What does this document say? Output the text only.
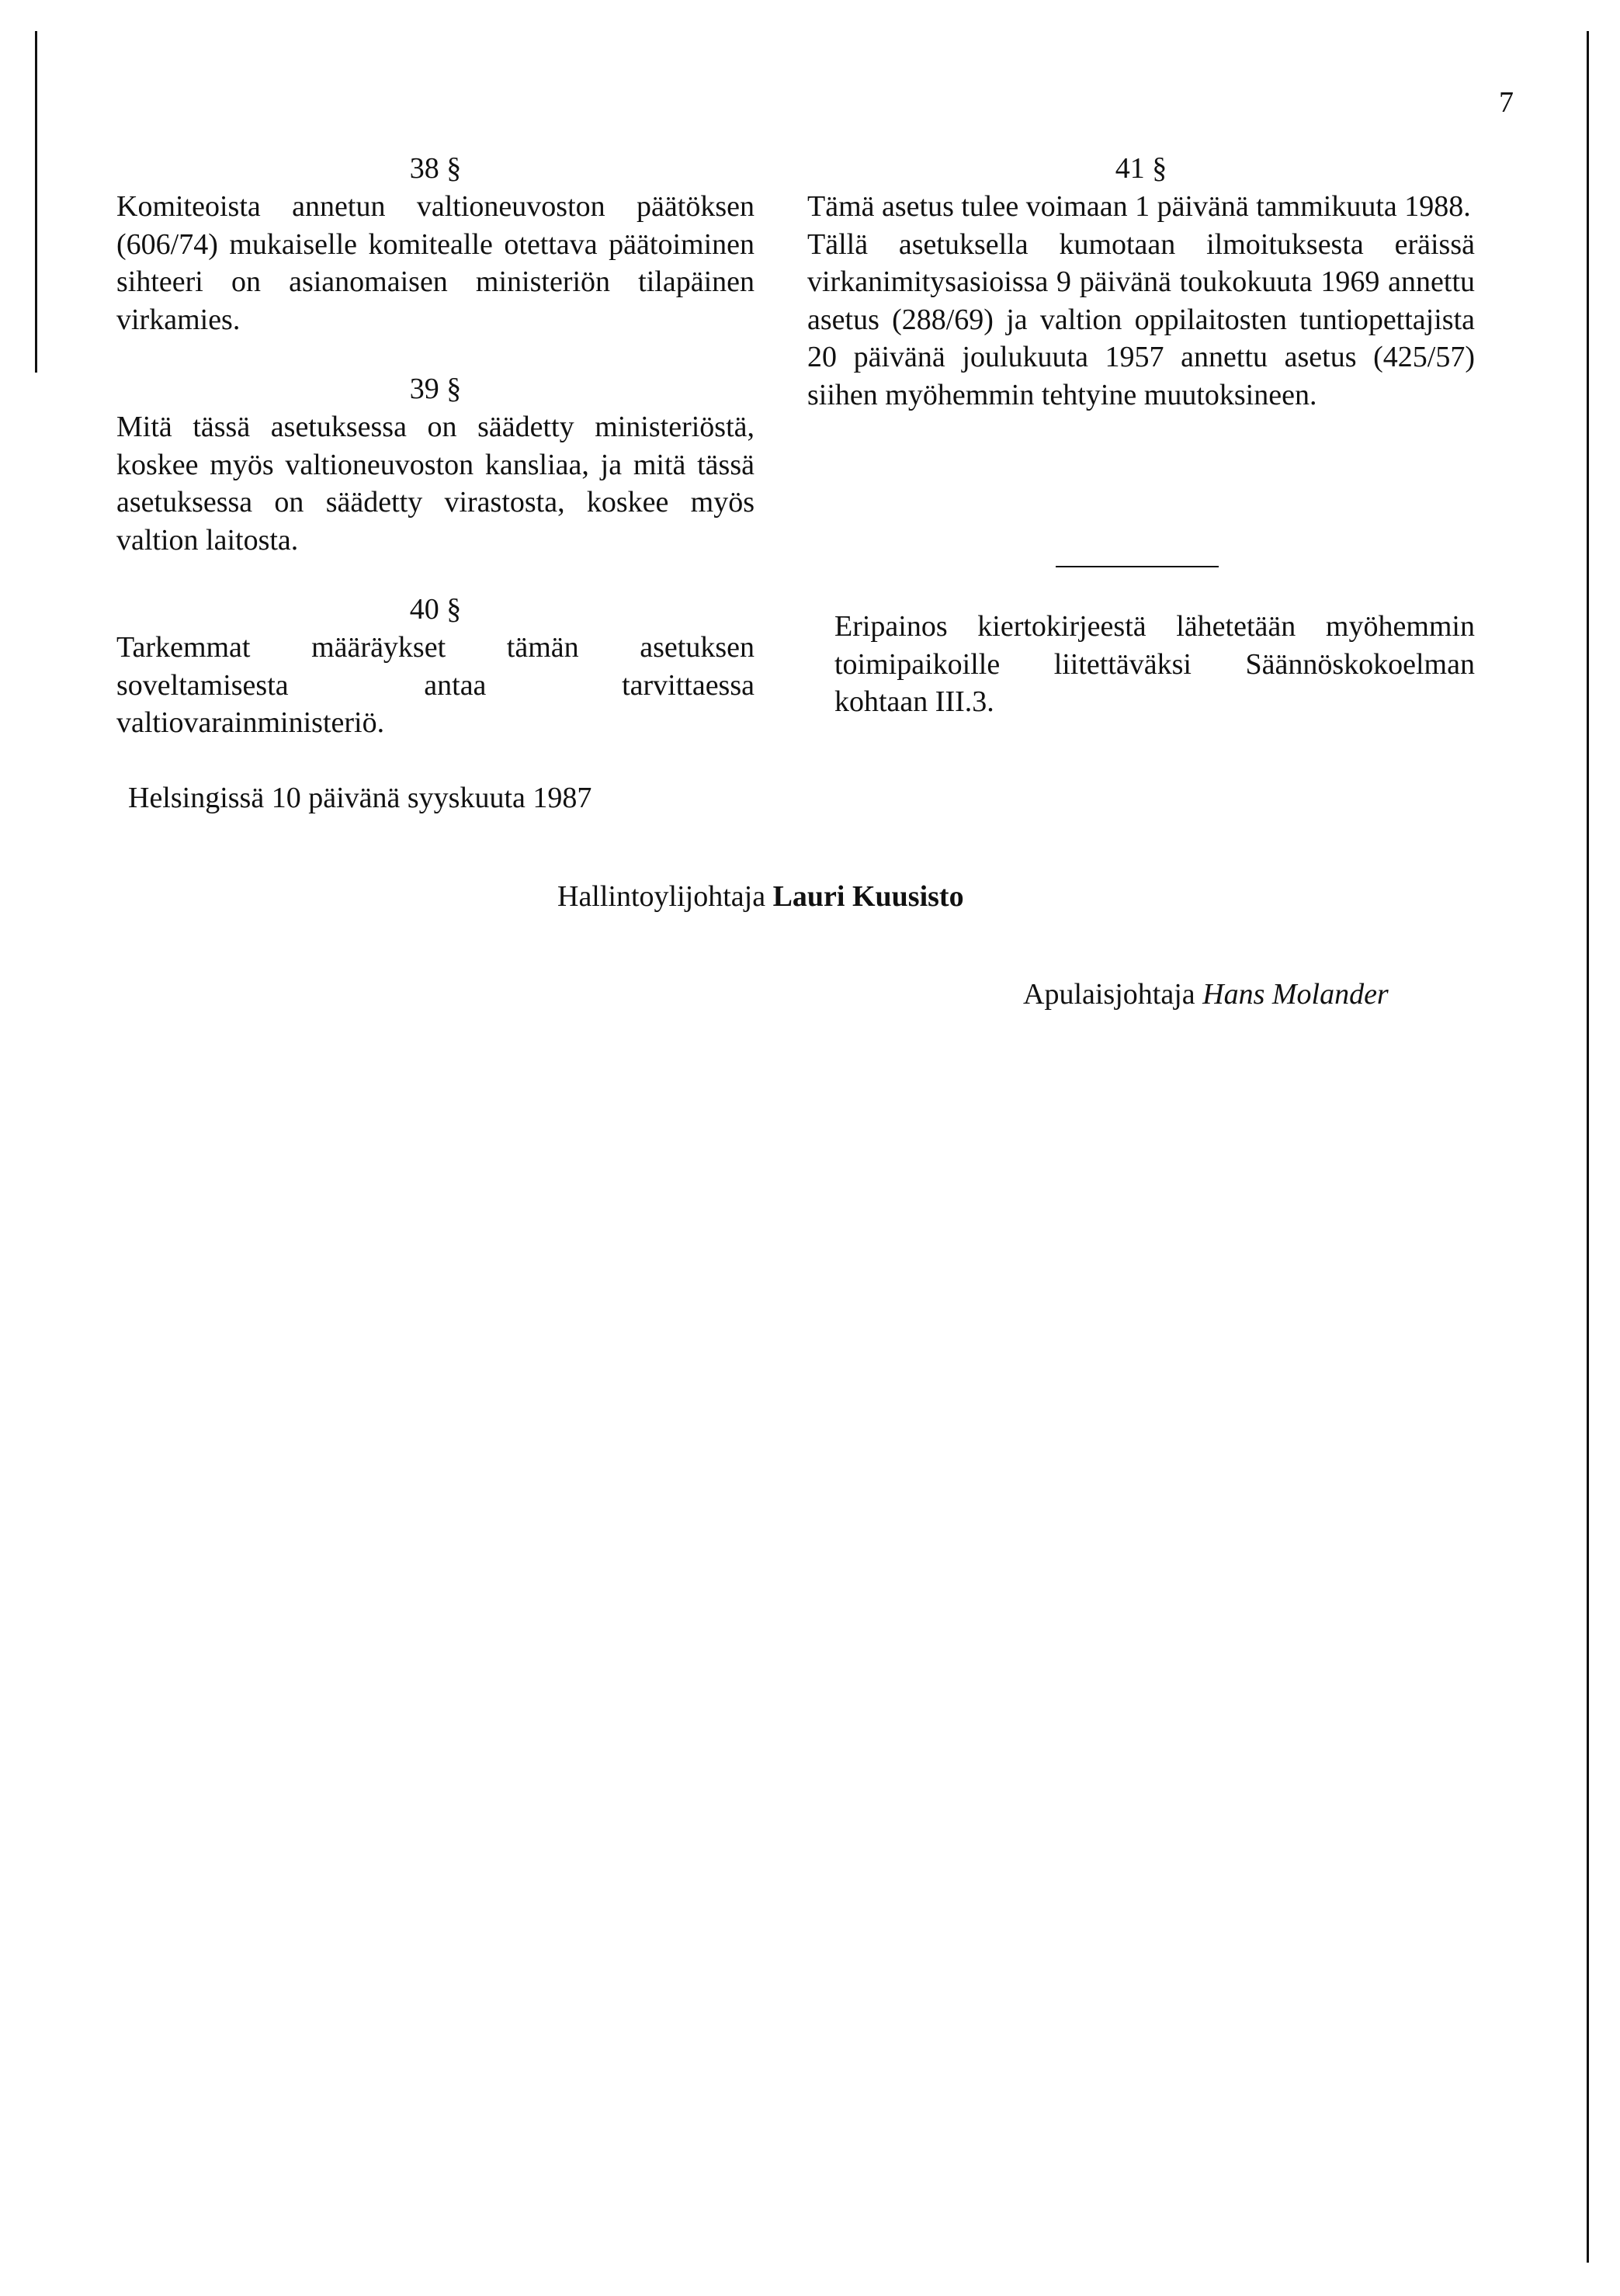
7

38 §

Komiteoista annetun valtioneuvoston päätöksen (606/74) mukaiselle komitealle otettava päätoiminen sihteeri on asianomaisen ministeriön tilapäinen virkamies.

39 §

Mitä tässä asetuksessa on säädetty ministeriöstä, koskee myös valtioneuvoston kansliaa, ja mitä tässä asetuksessa on säädetty virastosta, koskee myös valtion laitosta.

40 §

Tarkemmat määräykset tämän asetuksen soveltamisesta antaa tarvittaessa valtiovarainministeriö.

41 §

Tämä asetus tulee voimaan 1 päivänä tammikuuta 1988.

Tällä asetuksella kumotaan ilmoituksesta eräissä virkanimitysasioissa 9 päivänä toukokuuta 1969 annettu asetus (288/69) ja valtion oppilaitosten tuntiopettajista 20 päivänä joulukuuta 1957 annettu asetus (425/57) siihen myöhemmin tehtyine muutoksineen.

Eripainos kiertokirjeestä lähetetään myöhemmin toimipaikoille liitettäväksi Säännöskokoelman kohtaan III.3.
Helsingissä 10 päivänä syyskuuta 1987
Hallintoylijohtaja Lauri Kuusisto
Apulaisjohtaja Hans Molander
